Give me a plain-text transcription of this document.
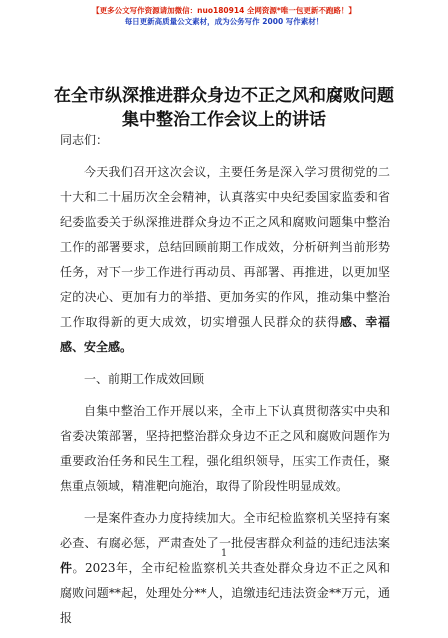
【更多公文写作资源请加微信：nuo180914 全网资源*唯一包更新不跑路！】
每日更新高质量公文素材，成为公务写作 2000 写作素材！
在全市纵深推进群众身边不正之风和腐败问题
集中整治工作会议上的讲话

同志们：

今天我们召开这次会议，主要任务是深入学习贯彻党的二十大和二十届历次全会精神，认真落实中央纪委国家监委和省纪委监委关于纵深推进群众身边不正之风和腐败问题集中整治工作的部署要求，总结回顾前期工作成效，分析研判当前形势任务，对下一步工作进行再动员、再部署、再推进，以更加坚定的决心、更加有力的举措、更加务实的作风，推动集中整治工作取得新的更大成效，切实增强人民群众的获得感、幸福感、安全感。

一、前期工作成效回顾

自集中整治工作开展以来，全市上下认真贯彻落实中央和省委决策部署，坚持把整治群众身边不正之风和腐败问题作为重要政治任务和民生工程，强化组织领导，压实工作责任，聚焦重点领域，精准靶向施治，取得了阶段性明显成效。

一是案件查办力度持续加大。全市纪检监察机关坚持有案必查、有腐必惩，严肃查处了一批侵害群众利益的违纪违法案件。2023年，全市纪检监察机关共查处群众身边不正之风和腐败问题**起，处理处分**人，追缴违纪违法资金**万元，通报

1
